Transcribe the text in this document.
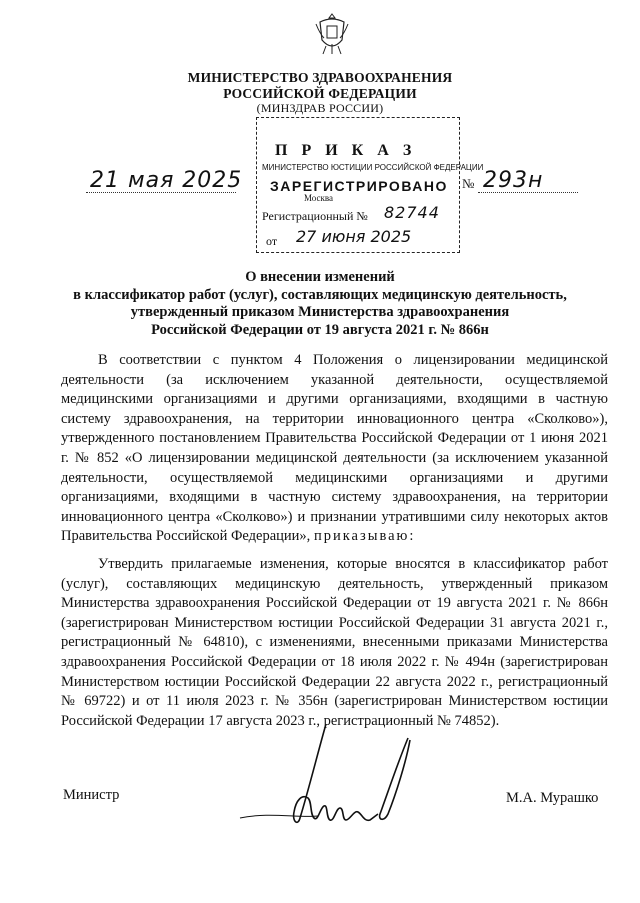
МИНИСТЕРСТВО ЗДРАВООХРАНЕНИЯ
РОССИЙСКОЙ ФЕДЕРАЦИИ
(МИНЗДРАВ РОССИИ)
П Р И К А З
МИНИСТЕРСТВО ЮСТИЦИИ РОССИЙСКОЙ ФЕДЕРАЦИИ
ЗАРЕГИСТРИРОВАНО
Москва
Регистрационный № 82744
от 27 июня 2025
21 мая 2025	№ 293н
О внесении изменений
в классификатор работ (услуг), составляющих медицинскую деятельность,
утвержденный приказом Министерства здравоохранения
Российской Федерации от 19 августа 2021 г. № 866н
В соответствии с пунктом 4 Положения о лицензировании медицинской деятельности (за исключением указанной деятельности, осуществляемой медицинскими организациями и другими организациями, входящими в частную систему здравоохранения, на территории инновационного центра «Сколково»), утвержденного постановлением Правительства Российской Федерации от 1 июня 2021 г. № 852 «О лицензировании медицинской деятельности (за исключением указанной деятельности, осуществляемой медицинскими организациями и другими организациями, входящими в частную систему здравоохранения, на территории инновационного центра «Сколково») и признании утратившими силу некоторых актов Правительства Российской Федерации», приказываю:
Утвердить прилагаемые изменения, которые вносятся в классификатор работ (услуг), составляющих медицинскую деятельность, утвержденный приказом Министерства здравоохранения Российской Федерации от 19 августа 2021 г. № 866н (зарегистрирован Министерством юстиции Российской Федерации 31 августа 2021 г., регистрационный № 64810), с изменениями, внесенными приказами Министерства здравоохранения Российской Федерации от 18 июля 2022 г. № 494н (зарегистрирован Министерством юстиции Российской Федерации 22 августа 2022 г., регистрационный № 69722) и от 11 июля 2023 г. № 356н (зарегистрирован Министерством юстиции Российской Федерации 17 августа 2023 г., регистрационный № 74852).
Министр	М.А. Мурашко
